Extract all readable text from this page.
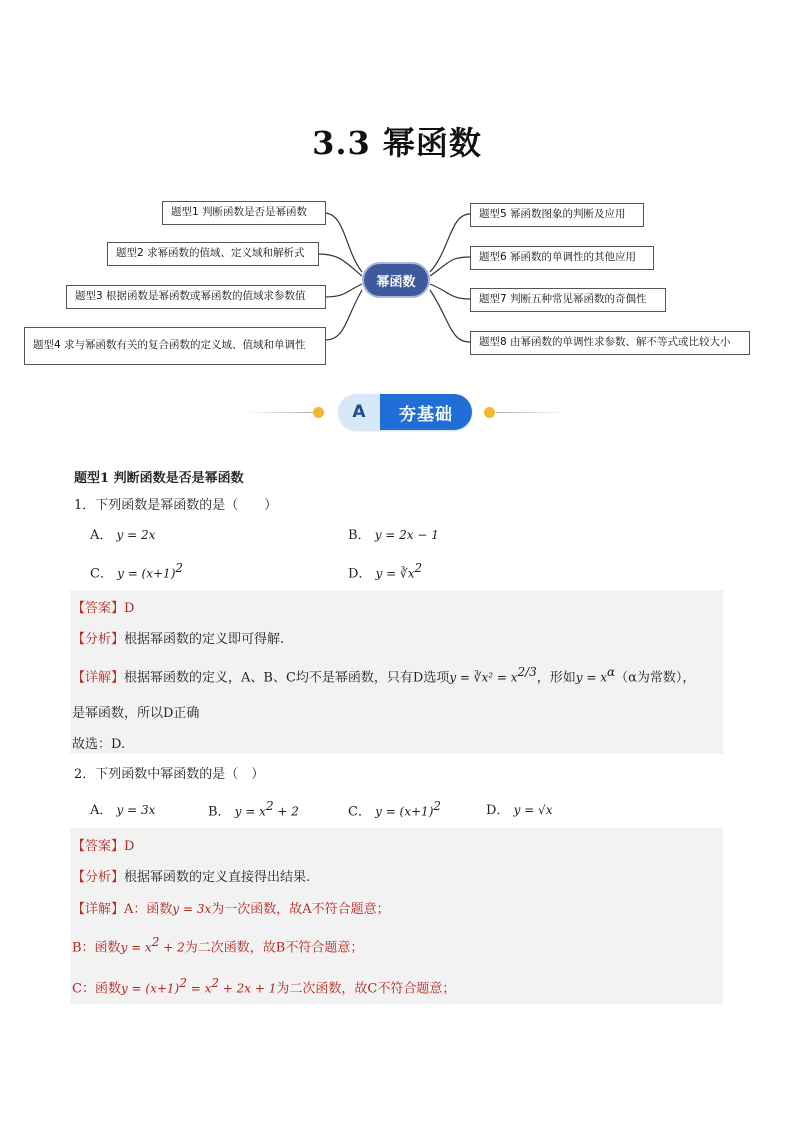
3.3 幂函数
题型1 判断函数是否是幂函数
题型2 求幂函数的值域、定义域和解析式
题型3 根据函数是幂函数或幂函数的值域求参数值
题型4 求与幂函数有关的复合函数的定义域、值域和单调性
幂函数
题型5 幂函数图象的判断及应用
题型6 幂函数的单调性的其他应用
题型7 判断五种常见幂函数的奇偶性
题型8 由幂函数的单调性求参数、解不等式或比较大小
A	夯基础
题型1 判断函数是否是幂函数
1．下列函数是幂函数的是（　　）
A． y = 2x	B． y = 2x − 1
C． $y = (x+1)^2$	D． $y = ∛x^2$
【答案】D
【分析】根据幂函数的定义即可得解.
【详解】根据幂函数的定义，A、B、C均不是幂函数，只有D选项y = ∛x² = $x^{2/3}$，形如$y = x^\alpha(\alpha$为常数），
是幂函数，所以D正确
故选：D.
2．下列函数中幂函数的是（　）
A． y = 3x	B． $y = x^2 + 2$	C． $y = (x+1)^2$	D． y = √x
【答案】D
【分析】根据幂函数的定义直接得出结果.
【详解】A：函数y = 3x为一次函数，故A不符合题意；
B：函数$y = x^2 + 2$为二次函数，故B不符合题意；
C：函数$y = (x+1)^2 = x^2 + 2x + 1$为二次函数，故C不符合题意；
